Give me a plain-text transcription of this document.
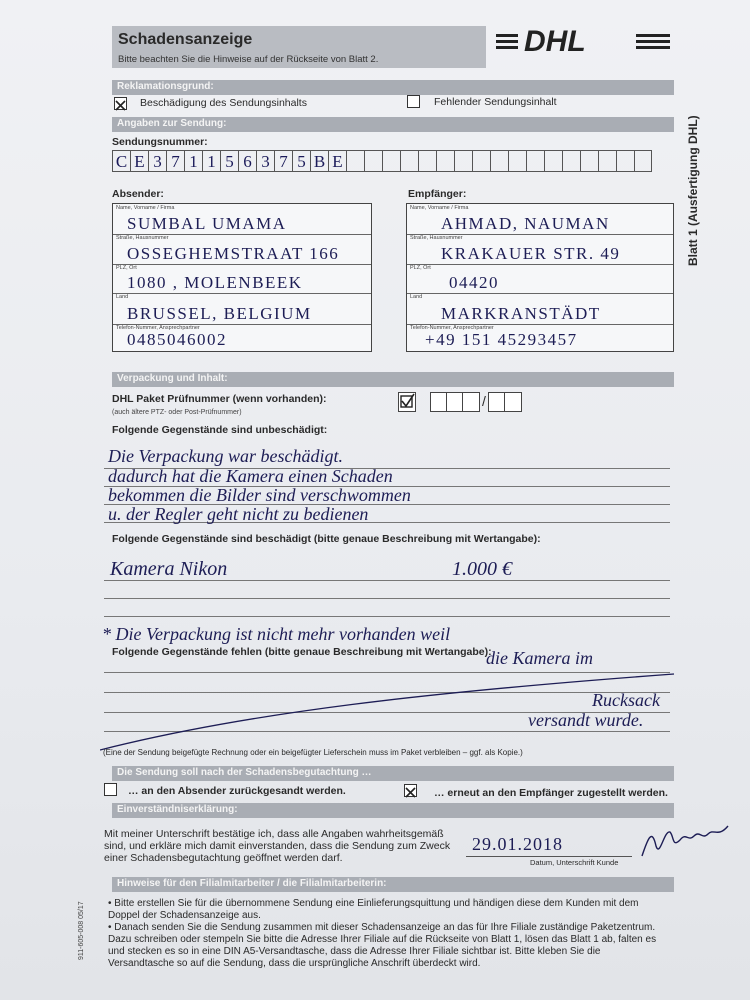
Schadensanzeige
Bitte beachten Sie die Hinweise auf der Rückseite von Blatt 2.
DHL
Blatt 1 (Ausfertigung DHL)
Reklamationsgrund:
Beschädigung des Sendungsinhalts	Fehlender Sendungsinhalt
Angaben zur Sendung:
Sendungsnummer:
C E 3 7 1 1 5 6 3 7 5 B E
Absender:	Empfänger:
Name, Vorname / Firma
SUMBAL UMAMA
Straße, Hausnummer
OSSEGHEMSTRAAT 166
PLZ, Ort
1080 , MOLENBEEK
Land
BRUSSEL, BELGIUM
Telefon-Nummer, Ansprechpartner
0485046002
Name, Vorname / Firma
AHMAD, NAUMAN
Straße, Hausnummer
KRAKAUER STR. 49
PLZ, Ort
04420
Land
MARKRANSTÄDT
Telefon-Nummer, Ansprechpartner
+49 151 45293457
Verpackung und Inhalt:
DHL Paket Prüfnummer (wenn vorhanden):
(auch ältere PTZ- oder Post-Prüfnummer)
/
Folgende Gegenstände sind unbeschädigt:
Die Verpackung war beschädigt.
dadurch hat die Kamera einen Schaden
bekommen die Bilder sind verschwommen
u. der Regler geht nicht zu bedienen
Folgende Gegenstände sind beschädigt (bitte genaue Beschreibung mit Wertangabe):
Kamera Nikon	1.000 €
* Die Verpackung ist nicht mehr vorhanden weil
Folgende Gegenstände fehlen (bitte genaue Beschreibung mit Wertangabe):
die Kamera im
Rucksack
versandt wurde.
(Eine der Sendung beigefügte Rechnung oder ein beigefügter Lieferschein muss im Paket verbleiben – ggf. als Kopie.)
Die Sendung soll nach der Schadensbegutachtung …
… an den Absender zurückgesandt werden.	… erneut an den Empfänger zugestellt werden.
Einverständniserklärung:
Mit meiner Unterschrift bestätige ich, dass alle Angaben wahrheitsgemäß
sind, und erkläre mich damit einverstanden, dass die Sendung zum Zweck
einer Schadensbegutachtung geöffnet werden darf.
29.01.2018
Datum, Unterschrift Kunde
Hinweise für den Filialmitarbeiter / die Filialmitarbeiterin:
• Bitte erstellen Sie für die übernommene Sendung eine Einlieferungsquittung und händigen diese dem Kunden mit dem Doppel der Schadensanzeige aus.
• Danach senden Sie die Sendung zusammen mit dieser Schadensanzeige an das für Ihre Filiale zuständige Paketzentrum. Dazu schreiben oder stempeln Sie bitte die Adresse Ihrer Filiale auf die Rückseite von Blatt 1, lösen das Blatt 1 ab, falten es und stecken es so in eine DIN A5-Versandtasche, dass die Adresse Ihrer Filiale sichtbar ist. Bitte kleben Sie die Versandtasche so auf die Sendung, dass die ursprüngliche Anschrift überdeckt wird.
911-605-008 05/17
